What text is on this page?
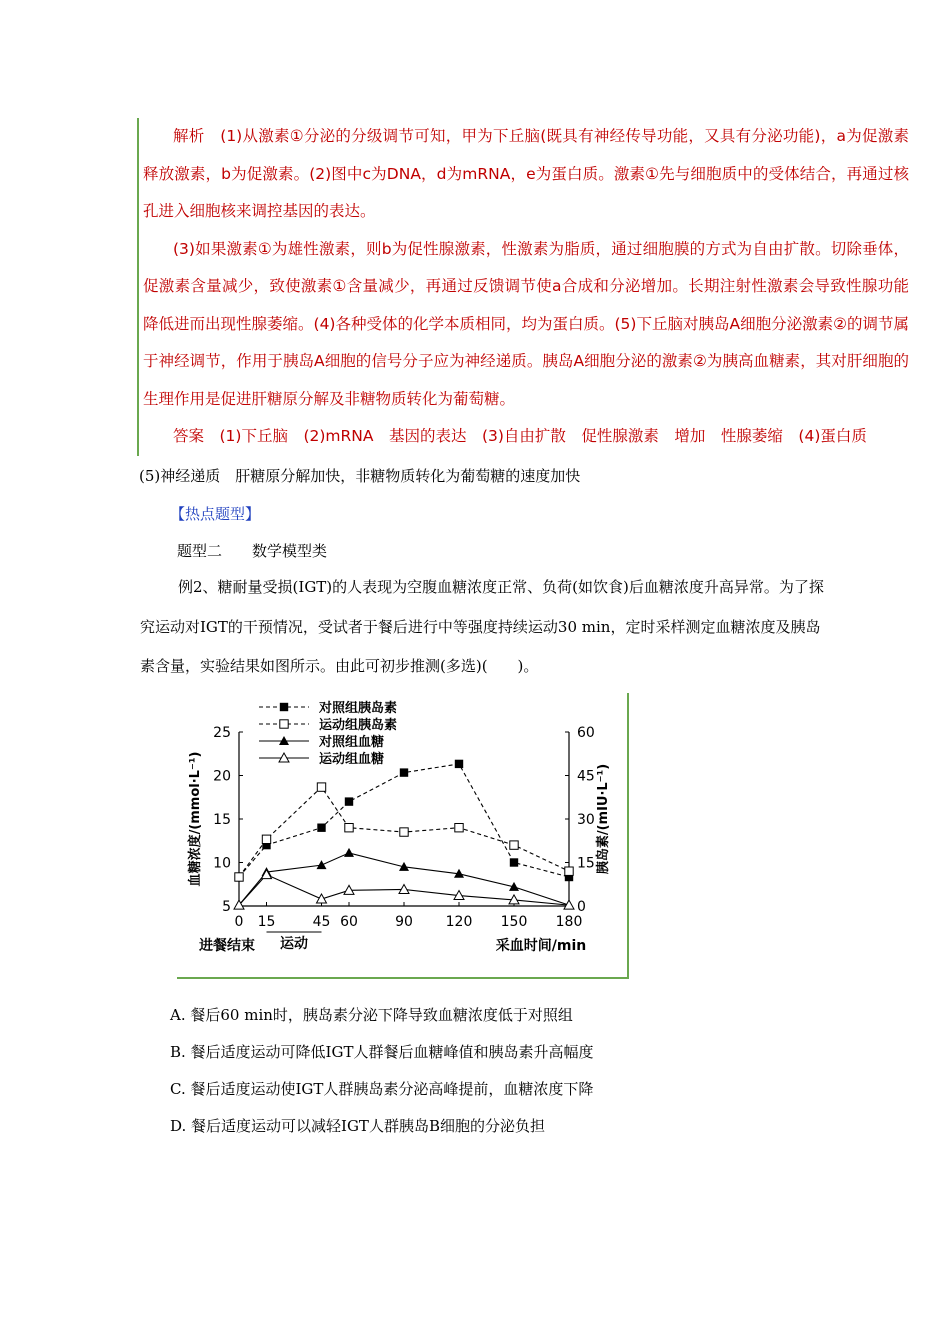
解析　(1)从激素①分泌的分级调节可知，甲为下丘脑(既具有神经传导功能，又具有分泌功能)，a为促激素释放激素，b为促激素。(2)图中c为DNA，d为mRNA，e为蛋白质。激素①先与细胞质中的受体结合，再通过核孔进入细胞核来调控基因的表达。

(3)如果激素①为雄性激素，则b为促性腺激素，性激素为脂质，通过细胞膜的方式为自由扩散。切除垂体，促激素含量减少，致使激素①含量减少，再通过反馈调节使a合成和分泌增加。长期注射性激素会导致性腺功能降低进而出现性腺萎缩。(4)各种受体的化学本质相同，均为蛋白质。(5)下丘脑对胰岛A细胞分泌激素②的调节属于神经调节，作用于胰岛A细胞的信号分子应为神经递质。胰岛A细胞分泌的激素②为胰高血糖素，其对肝细胞的生理作用是促进肝糖原分解及非糖物质转化为葡萄糖。

答案　(1)下丘脑　(2)mRNA　基因的表达　(3)自由扩散　促性腺激素　增加　性腺萎缩　(4)蛋白质

(5)神经递质　肝糖原分解加快，非糖物质转化为葡萄糖的速度加快
【热点题型】
题型二　　数学模型类

例2、糖耐量受损(IGT)的人表现为空腹血糖浓度正常、负荷(如饮食)后血糖浓度升高异常。为了探究运动对IGT的干预情况，受试者于餐后进行中等强度持续运动30 min，定时采样测定血糖浓度及胰岛素含量，实验结果如图所示。由此可初步推测(多选)(　　)。

5
10
15
20
25
0
15
30
45
60
0 15	45 60	90 120 150 180
血糖浓度/(mmol·L⁻¹)	胰岛素/(mIU·L⁻¹)
采血时间/min
进餐结束 运动
对照组胰岛素
运动组胰岛素
对照组血糖
运动组血糖
A. 餐后60 min时，胰岛素分泌下降导致血糖浓度低于对照组
B. 餐后适度运动可降低IGT人群餐后血糖峰值和胰岛素升高幅度
C. 餐后适度运动使IGT人群胰岛素分泌高峰提前，血糖浓度下降
D. 餐后适度运动可以减轻IGT人群胰岛B细胞的分泌负担
